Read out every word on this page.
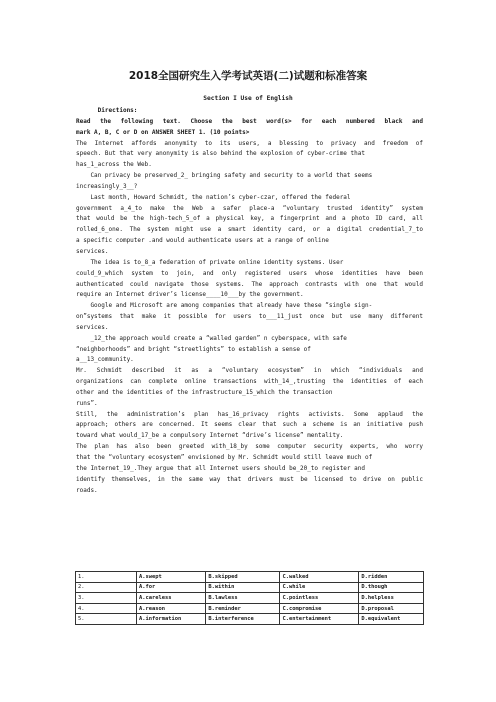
2018全国研究生入学考试英语(二)试题和标准答案
Section I Use of English
Directions:
Read the following text. Choose the best word(s> for each numbered black and
mark A, B, C or D on ANSWER SHEET 1. (10 points>
The Internet affords anonymity to its users, a blessing to privacy and freedom of
speech. But that very anonymity is also behind the explosion of cyber-crime that
has_1_across the Web.
Can privacy be preserved_2_ bringing safety and security to a world that seems
increasingly_3__?
Last month, Howard Schmidt, the nation’s cyber-czar, offered the federal
government a_4_to make the Web a safer place-a “voluntary trusted identity” system
that would be the high-tech_5_of a physical key, a fingerprint and a photo ID card, all
rolled_6_one. The system might use a smart identity card, or a digital credential_7_to
a specific computer .and would authenticate users at a range of online
services.
The idea is to_8_a federation of private online identity systems. User
could_9_which system to join, and only registered users whose identities have been
authenticated could navigate those systems. The approach contrasts with one that would
require an Internet driver’s license____10___by the government.
Google and Microsoft are among companies that already have these “single sign-
on”systems that make it possible for users to___11_just once but use many different
services.
_12_the approach would create a “walled garden” n cyberspace, with safe
“neighborhoods” and bright “streetlights” to establish a sense of
a__13_community.
Mr. Schmidt described it as a “voluntary ecosystem” in which “individuals and
organizations can complete online transactions with_14_,trusting the identities of each
other and the identities of the infrastructure_15_which the transaction
runs”.
Still, the administration’s plan has_16_privacy rights activists. Some applaud the
approach; others are concerned. It seems clear that such a scheme is an initiative push
toward what would_17_be a compulsory Internet “drive’s license” mentality.
The plan has also been greeted with_18_by some computer security experts, who worry
that the “voluntary ecosystem” envisioned by Mr. Schmidt would still leave much of
the Internet_19_.They argue that all Internet users should be_20_to register and
identify themselves, in the same way that drivers must be licensed to drive on public
roads.
1.	A.swept	B.skipped	C.walked	D.ridden
2.	A.for	B.within	C.while	D.though
3.	A.careless	B.lawless	C.pointless	D.helpless
4.	A.reason	B.reminder	C.compromise	D.proposal
5.	A.information	B.interference	C.entertainment	D.equivalent
